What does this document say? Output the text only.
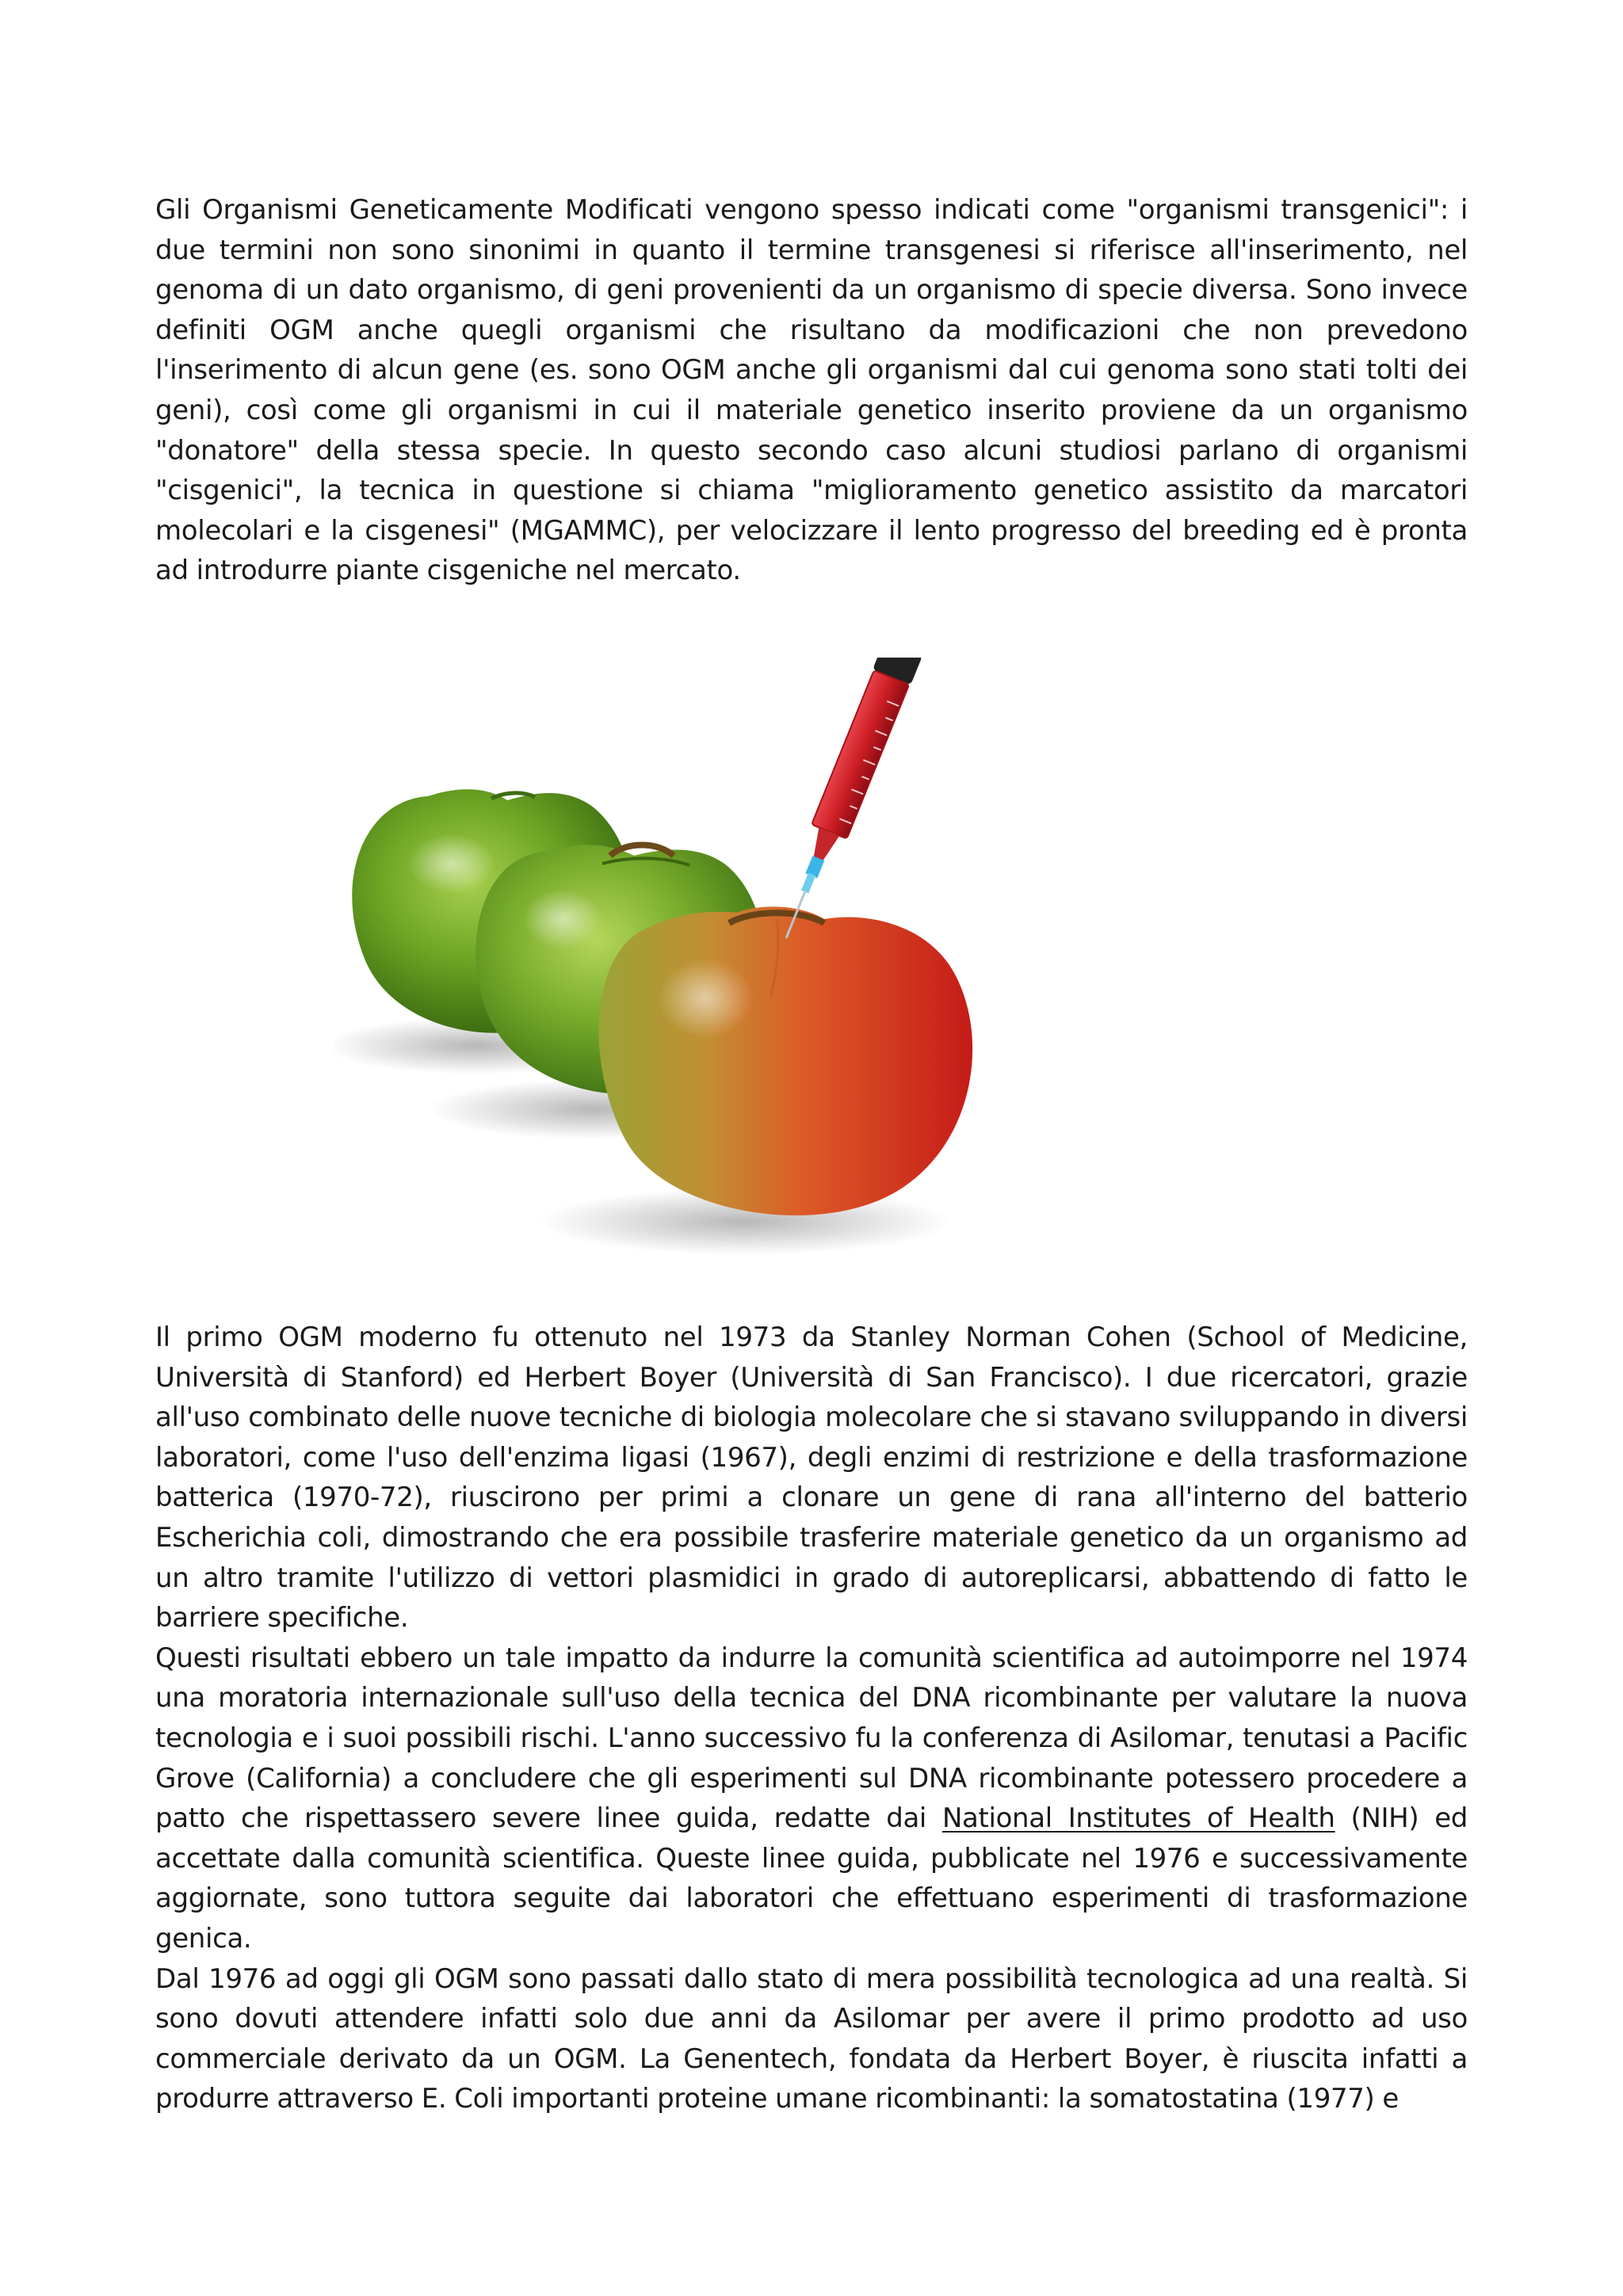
Gli Organismi Geneticamente Modificati vengono spesso indicati come "organismi transgenici": i due termini non sono sinonimi in quanto il termine transgenesi si riferisce all'inserimento, nel genoma di un dato organismo, di geni provenienti da un organismo di specie diversa. Sono invece definiti OGM anche quegli organismi che risultano da modificazioni che non prevedono l'inserimento di alcun gene (es. sono OGM anche gli organismi dal cui genoma sono stati tolti dei geni), così come gli organismi in cui il materiale genetico inserito proviene da un organismo "donatore" della stessa specie. In questo secondo caso alcuni studiosi parlano di organismi "cisgenici", la tecnica in questione si chiama "miglioramento genetico assistito da marcatori molecolari e la cisgenesi" (MGAMMC), per velocizzare il lento progresso del breeding ed è pronta ad introdurre piante cisgeniche nel mercato.

Il primo OGM moderno fu ottenuto nel 1973 da Stanley Norman Cohen (School of Medicine, Università di Stanford) ed Herbert Boyer (Università di San Francisco). I due ricercatori, grazie all'uso combinato delle nuove tecniche di biologia molecolare che si stavano sviluppando in diversi laboratori, come l'uso dell'enzima ligasi (1967), degli enzimi di restrizione e della trasformazione batterica (1970-72), riuscirono per primi a clonare un gene di rana all'interno del batterio Escherichia coli, dimostrando che era possibile trasferire materiale genetico da un organismo ad un altro tramite l'utilizzo di vettori plasmidici in grado di autoreplicarsi, abbattendo di fatto le barriere specifiche.

Questi risultati ebbero un tale impatto da indurre la comunità scientifica ad autoimporre nel 1974 una moratoria internazionale sull'uso della tecnica del DNA ricombinante per valutare la nuova tecnologia e i suoi possibili rischi. L'anno successivo fu la conferenza di Asilomar, tenutasi a Pacific Grove (California) a concludere che gli esperimenti sul DNA ricombinante potessero procedere a patto che rispettassero severe linee guida, redatte dai National Institutes of Health (NIH) ed accettate dalla comunità scientifica. Queste linee guida, pubblicate nel 1976 e successivamente aggiornate, sono tuttora seguite dai laboratori che effettuano esperimenti di trasformazione genica.

Dal 1976 ad oggi gli OGM sono passati dallo stato di mera possibilità tecnologica ad una realtà. Si sono dovuti attendere infatti solo due anni da Asilomar per avere il primo prodotto ad uso commerciale derivato da un OGM. La Genentech, fondata da Herbert Boyer, è riuscita infatti a produrre attraverso E. Coli importanti proteine umane ricombinanti: la somatostatina (1977) e
